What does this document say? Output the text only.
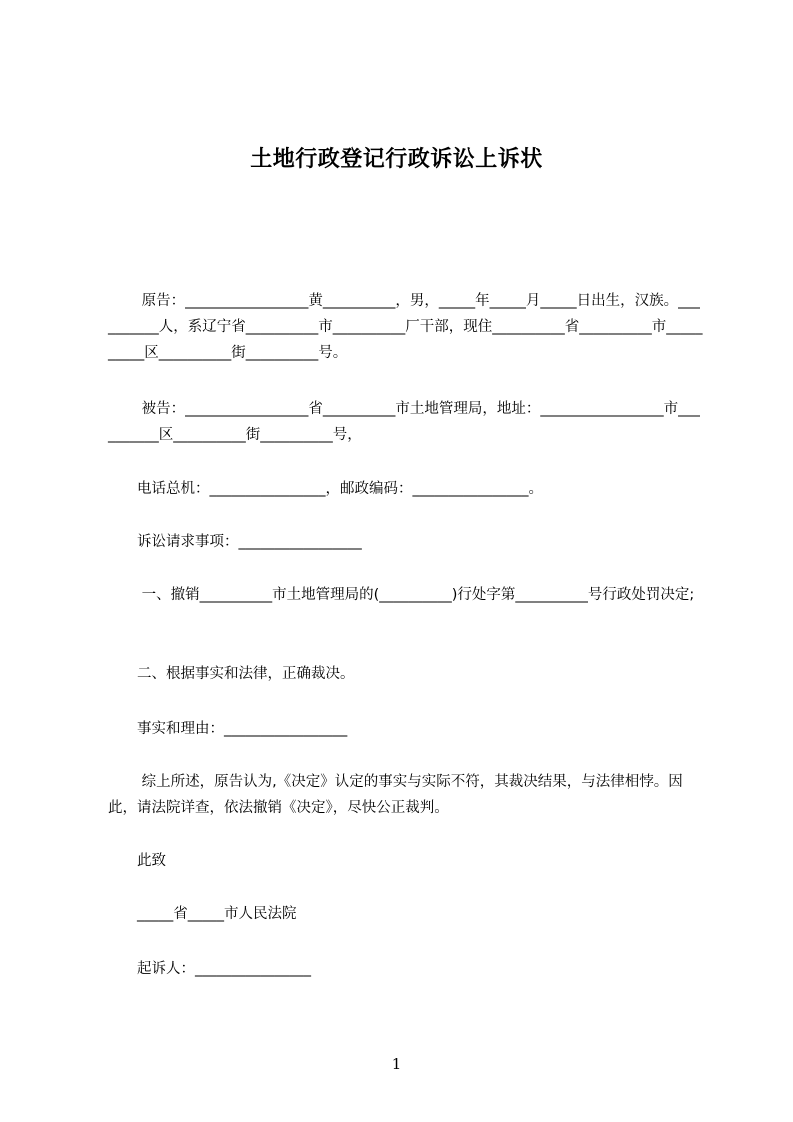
土地行政登记行政诉讼上诉状
原告：_________________黄__________，男，_____年_____月_____日出生，汉族。__________人，系辽宁省__________市__________厂干部，现住__________省__________市__________区__________街__________号。
被告：_________________省__________市土地管理局，地址：_________________市__________区__________街__________号，
电话总机：________________，邮政编码：________________。
诉讼请求事项：_________________
一、撤销__________市土地管理局的(__________)行处字第__________号行政处罚决定;
二、根据事实和法律，正确裁决。
事实和理由：_________________
综上所述，原告认为,《决定》认定的事实与实际不符，其裁决结果，与法律相悖。因此，请法院详查，依法撤销《决定》，尽快公正裁判。
此致
_____省_____市人民法院
起诉人：________________
1
